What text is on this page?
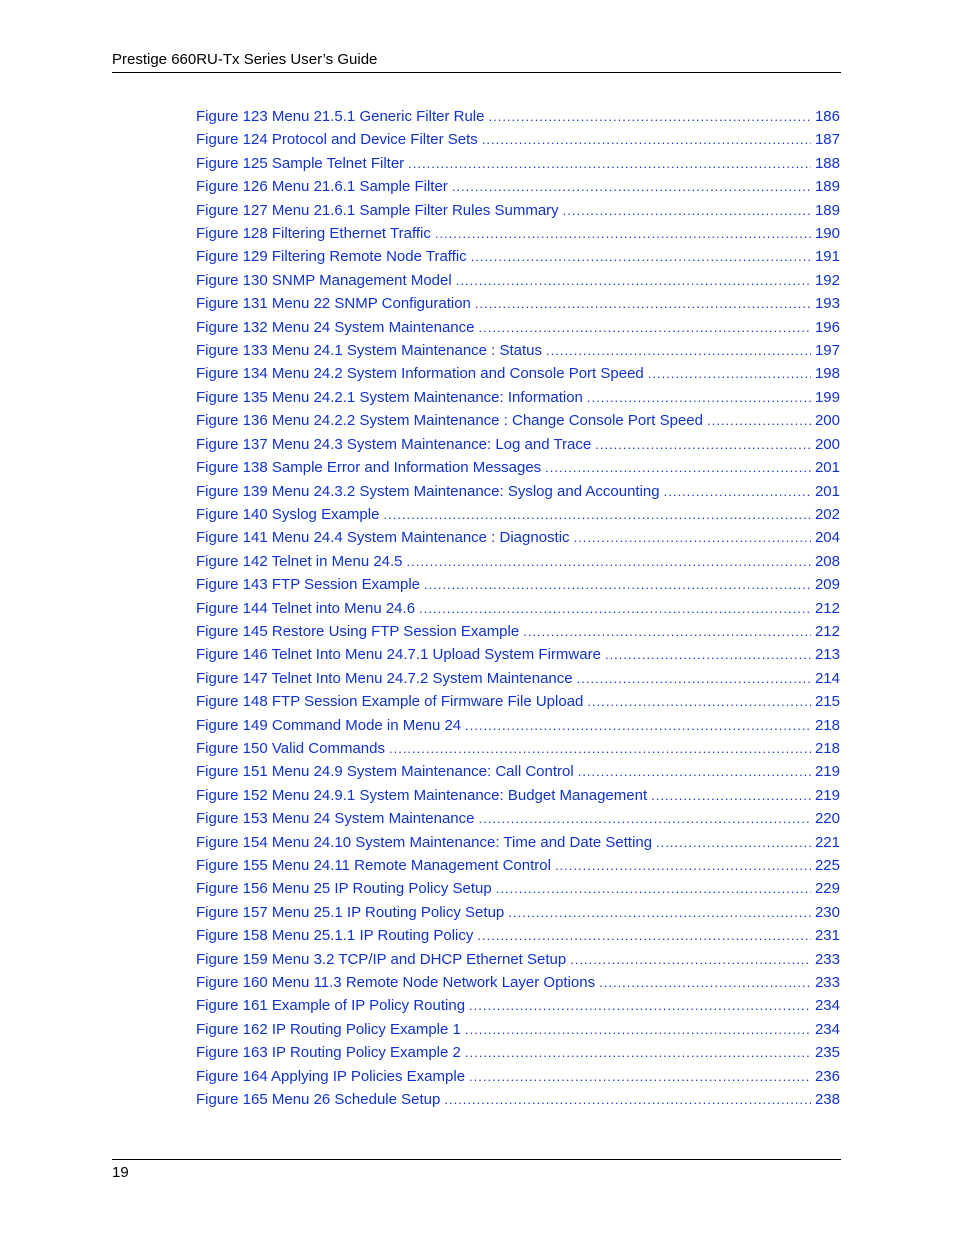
Prestige 660RU-Tx Series User’s Guide
Figure 123 Menu 21.5.1 Generic Filter Rule .....	186
Figure 124 Protocol and Device Filter Sets .....	187
Figure 125 Sample Telnet Filter .....	188
Figure 126 Menu 21.6.1 Sample Filter .....	189
Figure 127 Menu 21.6.1 Sample Filter Rules Summary .....	189
Figure 128 Filtering Ethernet Traffic .....	190
Figure 129 Filtering Remote Node Traffic .....	191
Figure 130 SNMP Management Model .....	192
Figure 131 Menu 22 SNMP Configuration .....	193
Figure 132 Menu 24 System Maintenance .....	196
Figure 133 Menu 24.1 System Maintenance : Status .....	197
Figure 134 Menu 24.2 System Information and Console Port Speed .....	198
Figure 135 Menu 24.2.1 System Maintenance: Information .....	199
Figure 136 Menu 24.2.2 System Maintenance : Change Console Port Speed .....	200
Figure 137 Menu 24.3 System Maintenance: Log and Trace .....	200
Figure 138 Sample Error and Information Messages .....	201
Figure 139 Menu 24.3.2 System Maintenance: Syslog and Accounting .....	201
Figure 140 Syslog Example .....	202
Figure 141 Menu 24.4 System Maintenance : Diagnostic .....	204
Figure 142 Telnet in Menu 24.5 .....	208
Figure 143 FTP Session Example .....	209
Figure 144 Telnet into Menu 24.6 .....	212
Figure 145 Restore Using FTP Session Example .....	212
Figure 146 Telnet Into Menu 24.7.1 Upload System Firmware .....	213
Figure 147 Telnet Into Menu 24.7.2 System Maintenance .....	214
Figure 148 FTP Session Example of Firmware File Upload .....	215
Figure 149 Command Mode in Menu 24 .....	218
Figure 150 Valid Commands .....	218
Figure 151 Menu 24.9 System Maintenance: Call Control .....	219
Figure 152 Menu 24.9.1 System Maintenance: Budget Management .....	219
Figure 153 Menu 24 System Maintenance .....	220
Figure 154 Menu 24.10 System Maintenance: Time and Date Setting .....	221
Figure 155 Menu 24.11 Remote Management Control .....	225
Figure 156 Menu 25 IP Routing Policy Setup .....	229
Figure 157 Menu 25.1 IP Routing Policy Setup .....	230
Figure 158 Menu 25.1.1 IP Routing Policy .....	231
Figure 159 Menu 3.2 TCP/IP and DHCP Ethernet Setup .....	233
Figure 160 Menu 11.3 Remote Node Network Layer Options .....	233
Figure 161 Example of IP Policy Routing .....	234
Figure 162 IP Routing Policy Example 1 .....	234
Figure 163 IP Routing Policy Example 2 .....	235
Figure 164 Applying IP Policies Example .....	236
Figure 165 Menu 26 Schedule Setup .....	238
19
